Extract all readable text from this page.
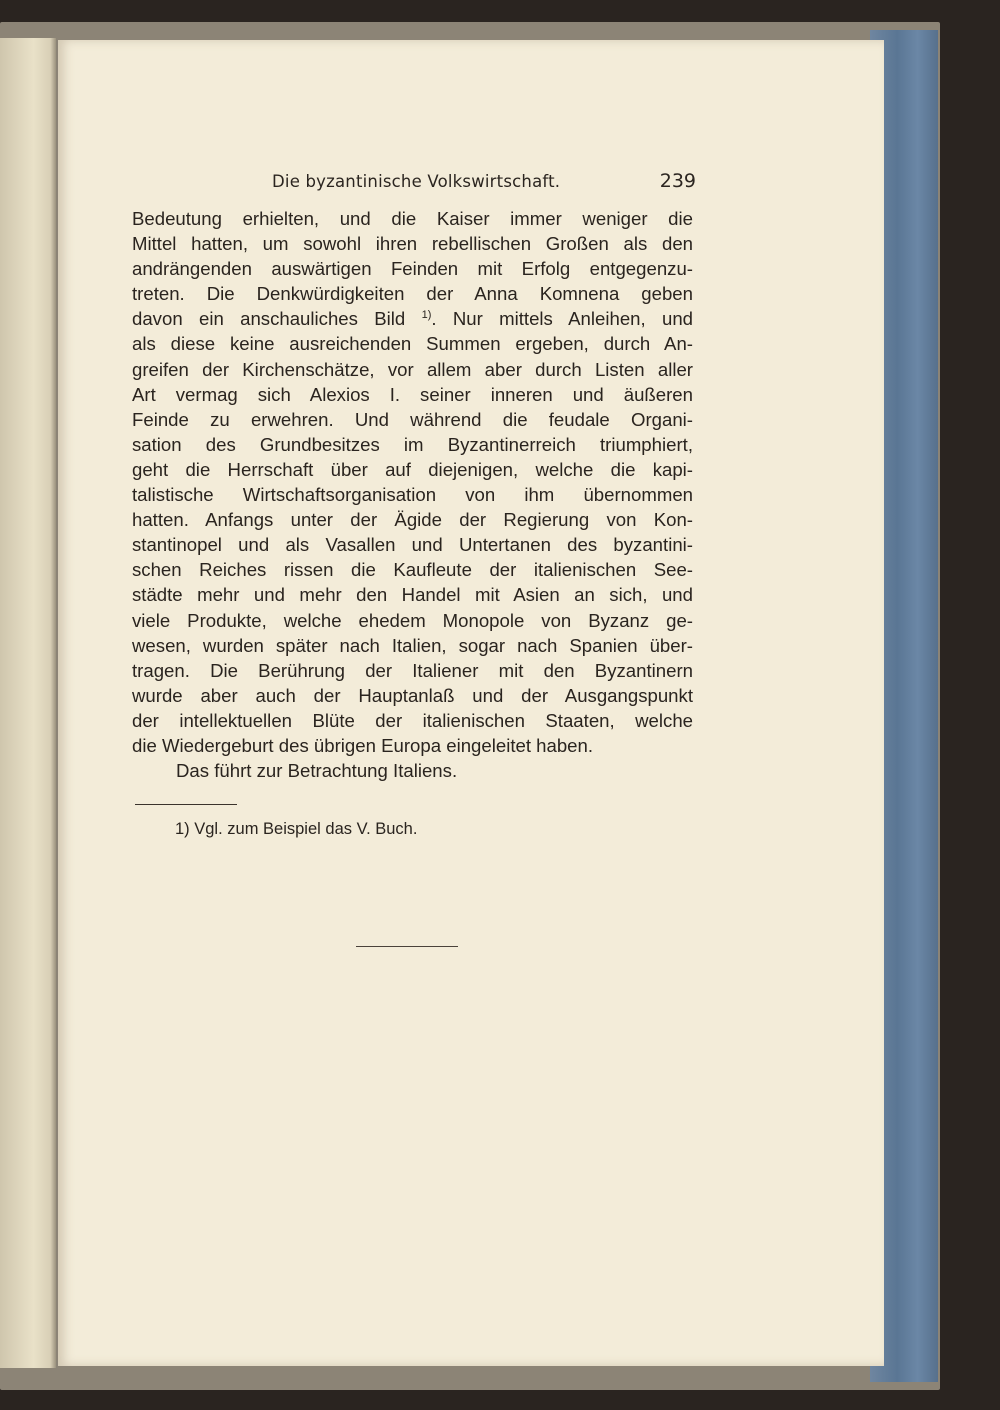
Die byzantinische Volkswirtschaft.	239
Bedeutung erhielten, und die Kaiser immer weniger die
Mittel hatten, um sowohl ihren rebellischen Großen als den
andrängenden auswärtigen Feinden mit Erfolg entgegenzu-
treten. Die Denkwürdigkeiten der Anna Komnena geben
davon ein anschauliches Bild $^{1)}$. Nur mittels Anleihen, und
als diese keine ausreichenden Summen ergeben, durch An-
greifen der Kirchenschätze, vor allem aber durch Listen aller
Art vermag sich Alexios I. seiner inneren und äußeren
Feinde zu erwehren. Und während die feudale Organi-
sation des Grundbesitzes im Byzantinerreich triumphiert,
geht die Herrschaft über auf diejenigen, welche die kapi-
talistische Wirtschaftsorganisation von ihm übernommen
hatten. Anfangs unter der Ägide der Regierung von Kon-
stantinopel und als Vasallen und Untertanen des byzantini-
schen Reiches rissen die Kaufleute der italienischen See-
städte mehr und mehr den Handel mit Asien an sich, und
viele Produkte, welche ehedem Monopole von Byzanz ge-
wesen, wurden später nach Italien, sogar nach Spanien über-
tragen. Die Berührung der Italiener mit den Byzantinern
wurde aber auch der Hauptanlaß und der Ausgangspunkt
der intellektuellen Blüte der italienischen Staaten, welche
die Wiedergeburt des übrigen Europa eingeleitet haben.
Das führt zur Betrachtung Italiens.
1) Vgl. zum Beispiel das V. Buch.
